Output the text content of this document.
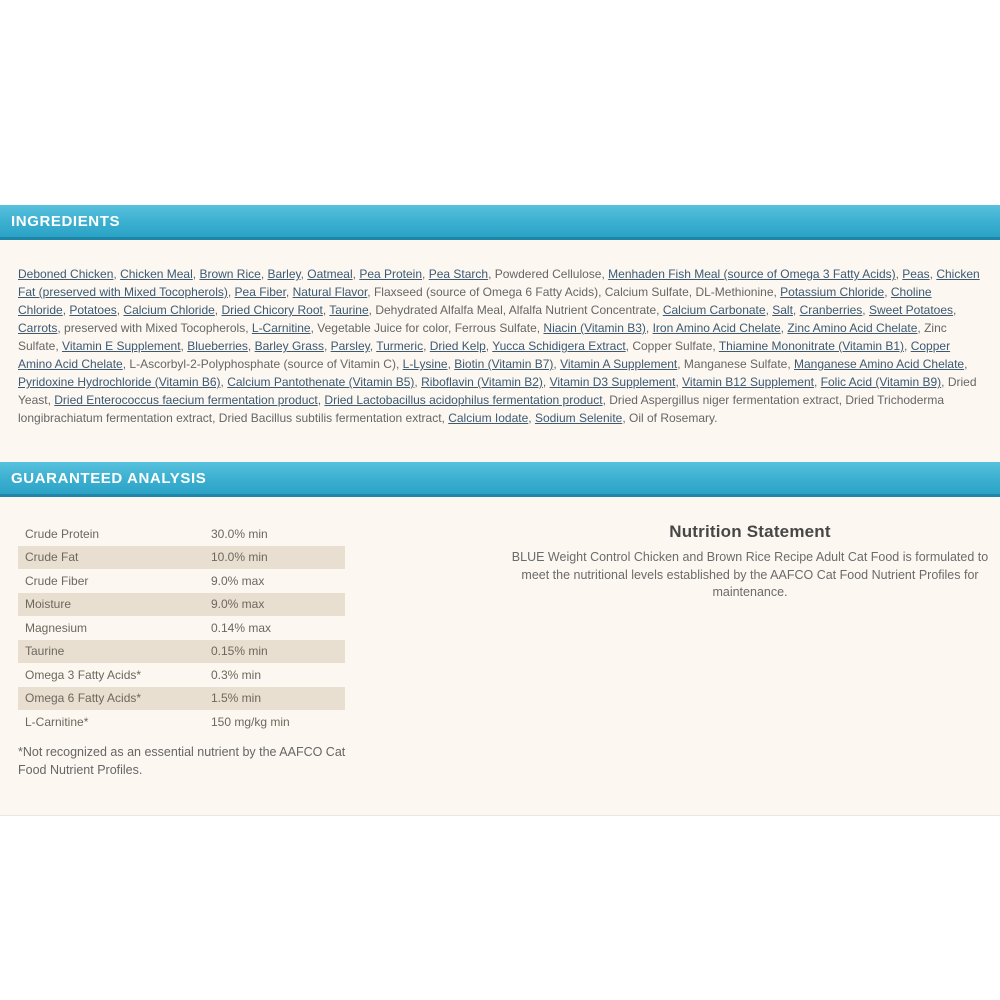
INGREDIENTS

Deboned Chicken, Chicken Meal, Brown Rice, Barley, Oatmeal, Pea Protein, Pea Starch, Powdered Cellulose, Menhaden Fish Meal (source of Omega 3 Fatty Acids), Peas, Chicken Fat (preserved with Mixed Tocopherols), Pea Fiber, Natural Flavor, Flaxseed (source of Omega 6 Fatty Acids), Calcium Sulfate, DL-Methionine, Potassium Chloride, Choline Chloride, Potatoes, Calcium Chloride, Dried Chicory Root, Taurine, Dehydrated Alfalfa Meal, Alfalfa Nutrient Concentrate, Calcium Carbonate, Salt, Cranberries, Sweet Potatoes, Carrots, preserved with Mixed Tocopherols, L-Carnitine, Vegetable Juice for color, Ferrous Sulfate, Niacin (Vitamin B3), Iron Amino Acid Chelate, Zinc Amino Acid Chelate, Zinc Sulfate, Vitamin E Supplement, Blueberries, Barley Grass, Parsley, Turmeric, Dried Kelp, Yucca Schidigera Extract, Copper Sulfate, Thiamine Mononitrate (Vitamin B1), Copper Amino Acid Chelate, L-Ascorbyl-2-Polyphosphate (source of Vitamin C), L-Lysine, Biotin (Vitamin B7), Vitamin A Supplement, Manganese Sulfate, Manganese Amino Acid Chelate, Pyridoxine Hydrochloride (Vitamin B6), Calcium Pantothenate (Vitamin B5), Riboflavin (Vitamin B2), Vitamin D3 Supplement, Vitamin B12 Supplement, Folic Acid (Vitamin B9), Dried Yeast, Dried Enterococcus faecium fermentation product, Dried Lactobacillus acidophilus fermentation product, Dried Aspergillus niger fermentation extract, Dried Trichoderma longibrachiatum fermentation extract, Dried Bacillus subtilis fermentation extract, Calcium Iodate, Sodium Selenite, Oil of Rosemary.

GUARANTEED ANALYSIS
Crude Protein	30.0% min
Crude Fat	10.0% min
Crude Fiber	9.0% max
Moisture	9.0% max
Magnesium	0.14% max
Taurine	0.15% min
Omega 3 Fatty Acids*	0.3% min
Omega 6 Fatty Acids*	1.5% min
L-Carnitine*	150 mg/kg min
*Not recognized as an essential nutrient by the AAFCO Cat Food Nutrient Profiles.
Nutrition Statement
BLUE Weight Control Chicken and Brown Rice Recipe Adult Cat Food is formulated to meet the nutritional levels established by the AAFCO Cat Food Nutrient Profiles for maintenance.
